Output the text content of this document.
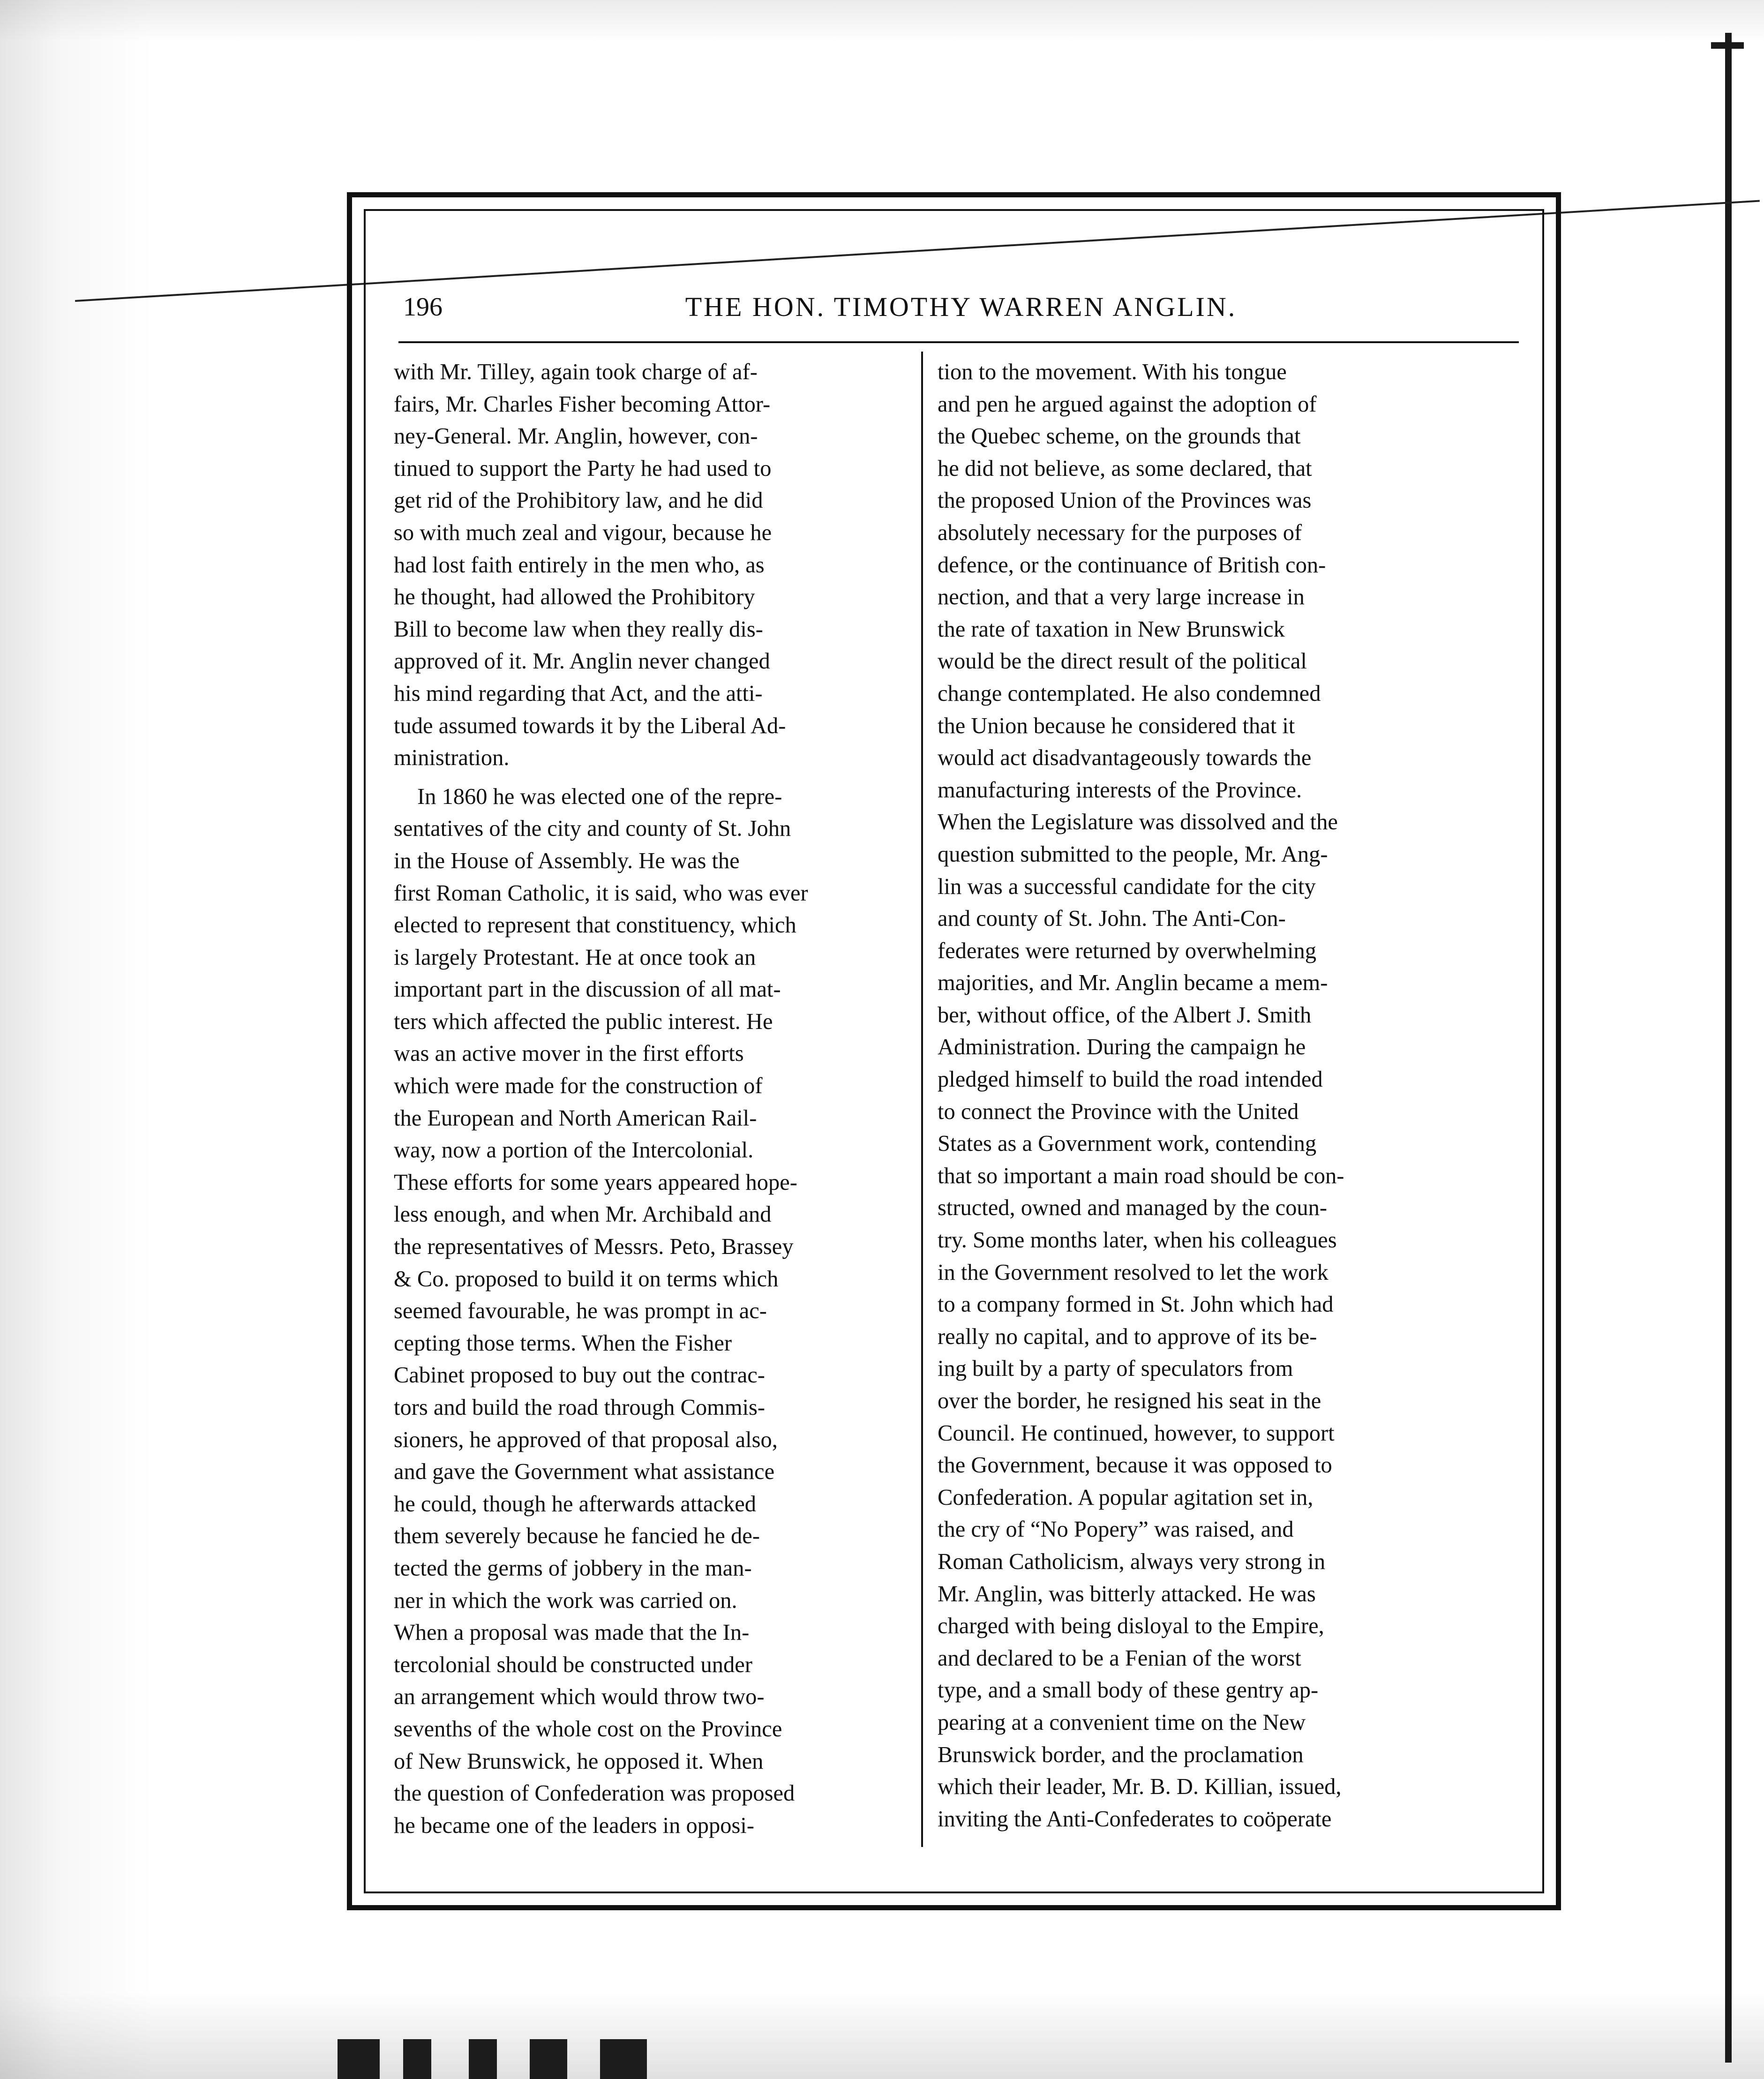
THE HON. TIMOTHY WARREN ANGLIN.
196

with Mr. Tilley, again took charge of af-
fairs, Mr. Charles Fisher becoming Attor-
ney-General. Mr. Anglin, however, con-
tinued to support the Party he had used to
get rid of the Prohibitory law, and he did
so with much zeal and vigour, because he
had lost faith entirely in the men who, as
he thought, had allowed the Prohibitory
Bill to become law when they really dis-
approved of it. Mr. Anglin never changed
his mind regarding that Act, and the atti-
tude assumed towards it by the Liberal Ad-
ministration.

In 1860 he was elected one of the repre-
sentatives of the city and county of St. John
in the House of Assembly. He was the
first Roman Catholic, it is said, who was ever
elected to represent that constituency, which
is largely Protestant. He at once took an
important part in the discussion of all mat-
ters which affected the public interest. He
was an active mover in the first efforts
which were made for the construction of
the European and North American Rail-
way, now a portion of the Intercolonial.
These efforts for some years appeared hope-
less enough, and when Mr. Archibald and
the representatives of Messrs. Peto, Brassey
& Co. proposed to build it on terms which
seemed favourable, he was prompt in ac-
cepting those terms. When the Fisher
Cabinet proposed to buy out the contrac-
tors and build the road through Commis-
sioners, he approved of that proposal also,
and gave the Government what assistance
he could, though he afterwards attacked
them severely because he fancied he de-
tected the germs of jobbery in the man-
ner in which the work was carried on.
When a proposal was made that the In-
tercolonial should be constructed under
an arrangement which would throw two-
sevenths of the whole cost on the Province
of New Brunswick, he opposed it. When
the question of Confederation was proposed
he became one of the leaders in opposi-

tion to the movement. With his tongue
and pen he argued against the adoption of
the Quebec scheme, on the grounds that
he did not believe, as some declared, that
the proposed Union of the Provinces was
absolutely necessary for the purposes of
defence, or the continuance of British con-
nection, and that a very large increase in
the rate of taxation in New Brunswick
would be the direct result of the political
change contemplated. He also condemned
the Union because he considered that it
would act disadvantageously towards the
manufacturing interests of the Province.
When the Legislature was dissolved and the
question submitted to the people, Mr. Ang-
lin was a successful candidate for the city
and county of St. John. The Anti-Con-
federates were returned by overwhelming
majorities, and Mr. Anglin became a mem-
ber, without office, of the Albert J. Smith
Administration. During the campaign he
pledged himself to build the road intended
to connect the Province with the United
States as a Government work, contending
that so important a main road should be con-
structed, owned and managed by the coun-
try. Some months later, when his colleagues
in the Government resolved to let the work
to a company formed in St. John which had
really no capital, and to approve of its be-
ing built by a party of speculators from
over the border, he resigned his seat in the
Council. He continued, however, to support
the Government, because it was opposed to
Confederation. A popular agitation set in,
the cry of “No Popery” was raised, and
Roman Catholicism, always very strong in
Mr. Anglin, was bitterly attacked. He was
charged with being disloyal to the Empire,
and declared to be a Fenian of the worst
type, and a small body of these gentry ap-
pearing at a convenient time on the New
Brunswick border, and the proclamation
which their leader, Mr. B. D. Killian, issued,
inviting the Anti-Confederates to coöperate
